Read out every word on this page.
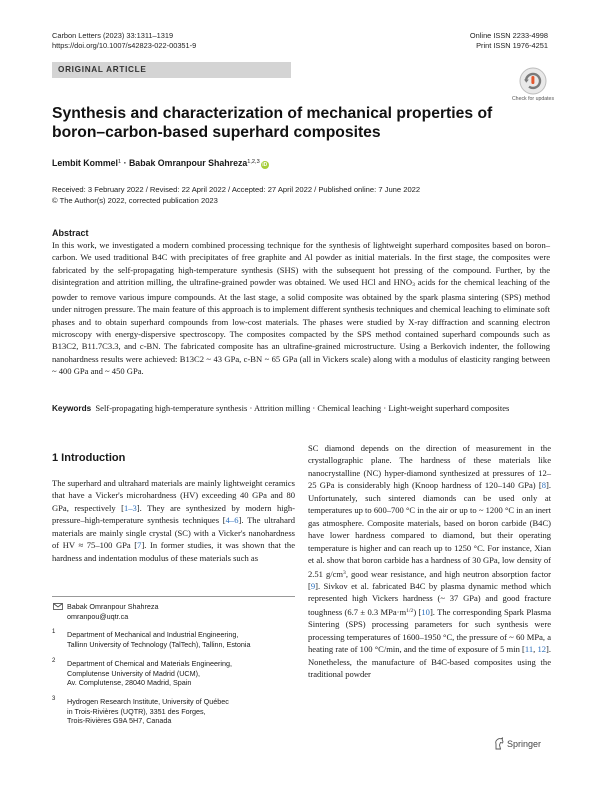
Carbon Letters (2023) 33:1311–1319
https://doi.org/10.1007/s42823-022-00351-9
Online ISSN 2233-4998
Print ISSN 1976-4251
ORIGINAL ARTICLE
Check for updates
Synthesis and characterization of mechanical properties of boron–carbon-based superhard composites
Lembit Kommel$^1$ · Babak Omranpour Shahreza$^{1,2,3}$ iD
Received: 3 February 2022 / Revised: 22 April 2022 / Accepted: 27 April 2022 / Published online: 7 June 2022
© The Author(s) 2022, corrected publication 2023
Abstract
In this work, we investigated a modern combined processing technique for the synthesis of lightweight superhard composites based on boron–carbon. We used traditional B4C with precipitates of free graphite and Al powder as initial materials. In the first stage, the composites were fabricated by the self-propagating high-temperature synthesis (SHS) with the subsequent hot pressing of the compound. Further, by the disintegration and attrition milling, the ultrafine-grained powder was obtained. We used HCl and $HNO_3$ acids for the chemical leaching of the powder to remove various impure compounds. At the last stage, a solid composite was obtained by the spark plasma sintering (SPS) method under nitrogen pressure. The main feature of this approach is to implement different synthesis techniques and chemical leaching to eliminate soft phases and to obtain superhard compounds from low-cost materials. The phases were studied by X-ray diffraction and scanning electron microscopy with energy-dispersive spectroscopy. The composites compacted by the SPS method contained superhard compounds such as B13C2, B11.7C3.3, and c-BN. The fabricated composite has an ultrafine-grained microstructure. Using a Berkovich indenter, the following nanohardness results were achieved: B13C2 ~ 43 GPa, c-BN ~ 65 GPa (all in Vickers scale) along with a modulus of elasticity ranging between ~ 400 GPa and ~ 450 GPa.
Keywords Self-propagating high-temperature synthesis · Attrition milling · Chemical leaching · Light-weight superhard composites
1 Introduction
The superhard and ultrahard materials are mainly lightweight ceramics that have a Vicker's microhardness (HV) exceeding 40 GPa and 80 GPa, respectively [1–3]. They are synthesized by modern high-pressure–high-temperature synthesis techniques [4–6]. The ultrahard materials are mainly single crystal (SC) with a Vicker's nanohardness of HV ≈ 75–100 GPa [7]. In former studies, it was shown that the hardness and indentation modulus of these materials such as
SC diamond depends on the direction of measurement in the crystallographic plane. The hardness of these materials like nanocrystalline (NC) hyper-diamond synthesized at pressures of 12–25 GPa is considerably high (Knoop hardness of 120–140 GPa) [8]. Unfortunately, such sintered diamonds can be used only at temperatures up to 600–700 °C in the air or up to ~ 1200 °C in an inert gas atmosphere. Composite materials, based on boron carbide (B4C) have lower hardness compared to diamond, but their operating temperature is higher and can reach up to 1250 °C. For instance, Xian et al. show that boron carbide has a hardness of 30 GPa, low density of 2.51 $g/cm^3$, good wear resistance, and high neutron absorption factor [9]. Sivkov et al. fabricated B4C by plasma dynamic method which represented high Vickers hardness (~ 37 GPa) and good fracture toughness (6.7 ± 0.3 $MPa\cdot m^{1/2}$) [10]. The corresponding Spark Plasma Sintering (SPS) processing parameters for such synthesis were processing temperatures of 1600–1950 °C, the pressure of ~ 60 MPa, a heating rate of 100 °C/min, and the time of exposure of 5 min [11, 12]. Nonetheless, the manufacture of B4C-based composites using the traditional powder
Babak Omranpour Shahreza
omranpou@uqtr.ca
1 Department of Mechanical and Industrial Engineering,
Tallinn University of Technology (TalTech), Tallinn, Estonia
2 Department of Chemical and Materials Engineering,
Complutense University of Madrid (UCM),
Av. Complutense, 28040 Madrid, Spain
3 Hydrogen Research Institute, University of Québec
in Trois-Rivières (UQTR), 3351 des Forges,
Trois-Rivières G9A 5H7, Canada
Springer
